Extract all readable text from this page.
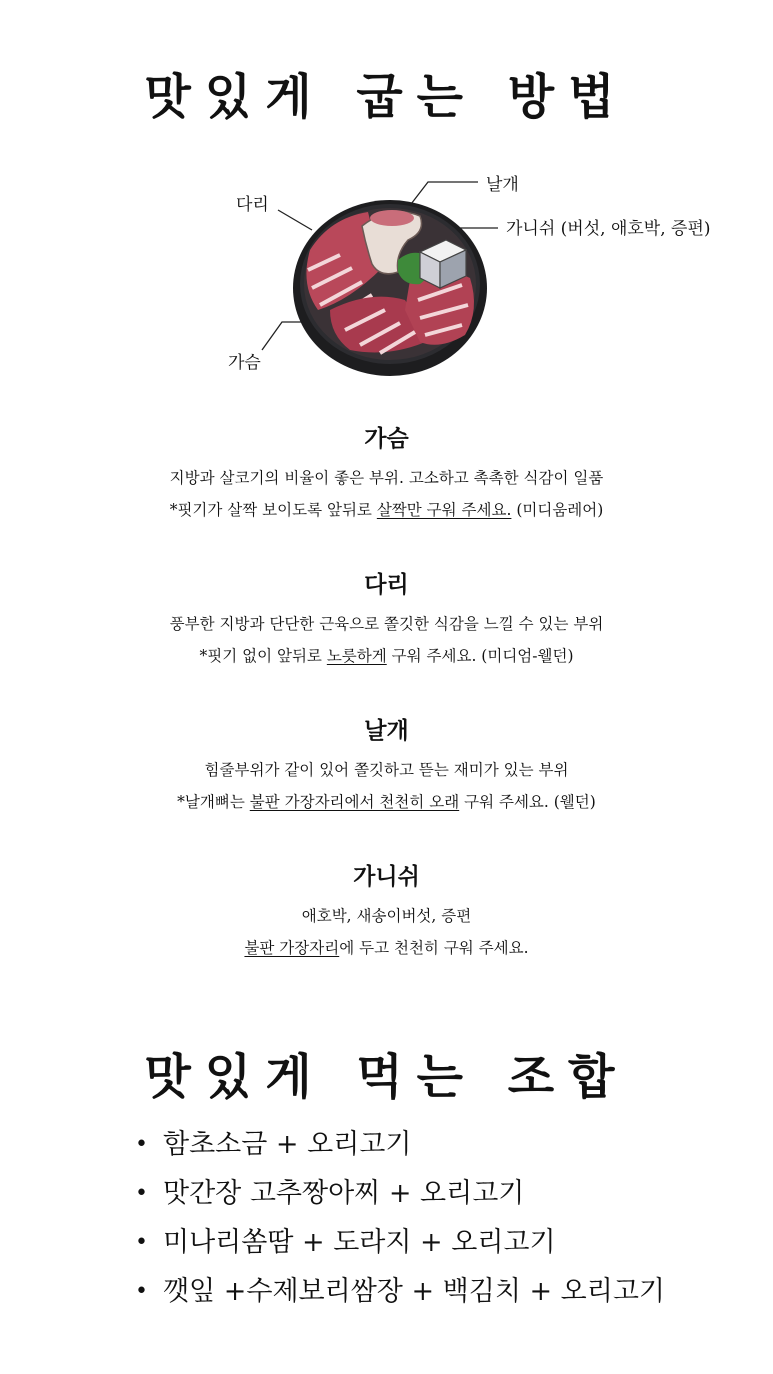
맛있게 굽는 방법
날개
다리
가니쉬 (버섯, 애호박, 증편)
가슴
가슴

지방과 살코기의 비율이 좋은 부위. 고소하고 촉촉한 식감이 일품

*핏기가 살짝 보이도록 앞뒤로 살짝만 구워 주세요. (미디움레어)

다리

풍부한 지방과 단단한 근육으로 쫄깃한 식감을 느낄 수 있는 부위

*핏기 없이 앞뒤로 노릇하게 구워 주세요. (미디엄-웰던)

날개

힘줄부위가 같이 있어 쫄깃하고 뜯는 재미가 있는 부위

*날개뼈는 불판 가장자리에서 천천히 오래 구워 주세요. (웰던)

가니쉬

애호박, 새송이버섯, 증편

불판 가장자리에 두고 천천히 구워 주세요.

맛있게 먹는 조합
• 함초소금 + 오리고기
• 맛간장 고추짱아찌 + 오리고기
• 미나리쏨땀 + 도라지 + 오리고기
• 깻잎 +수제보리쌈장 + 백김치 + 오리고기
